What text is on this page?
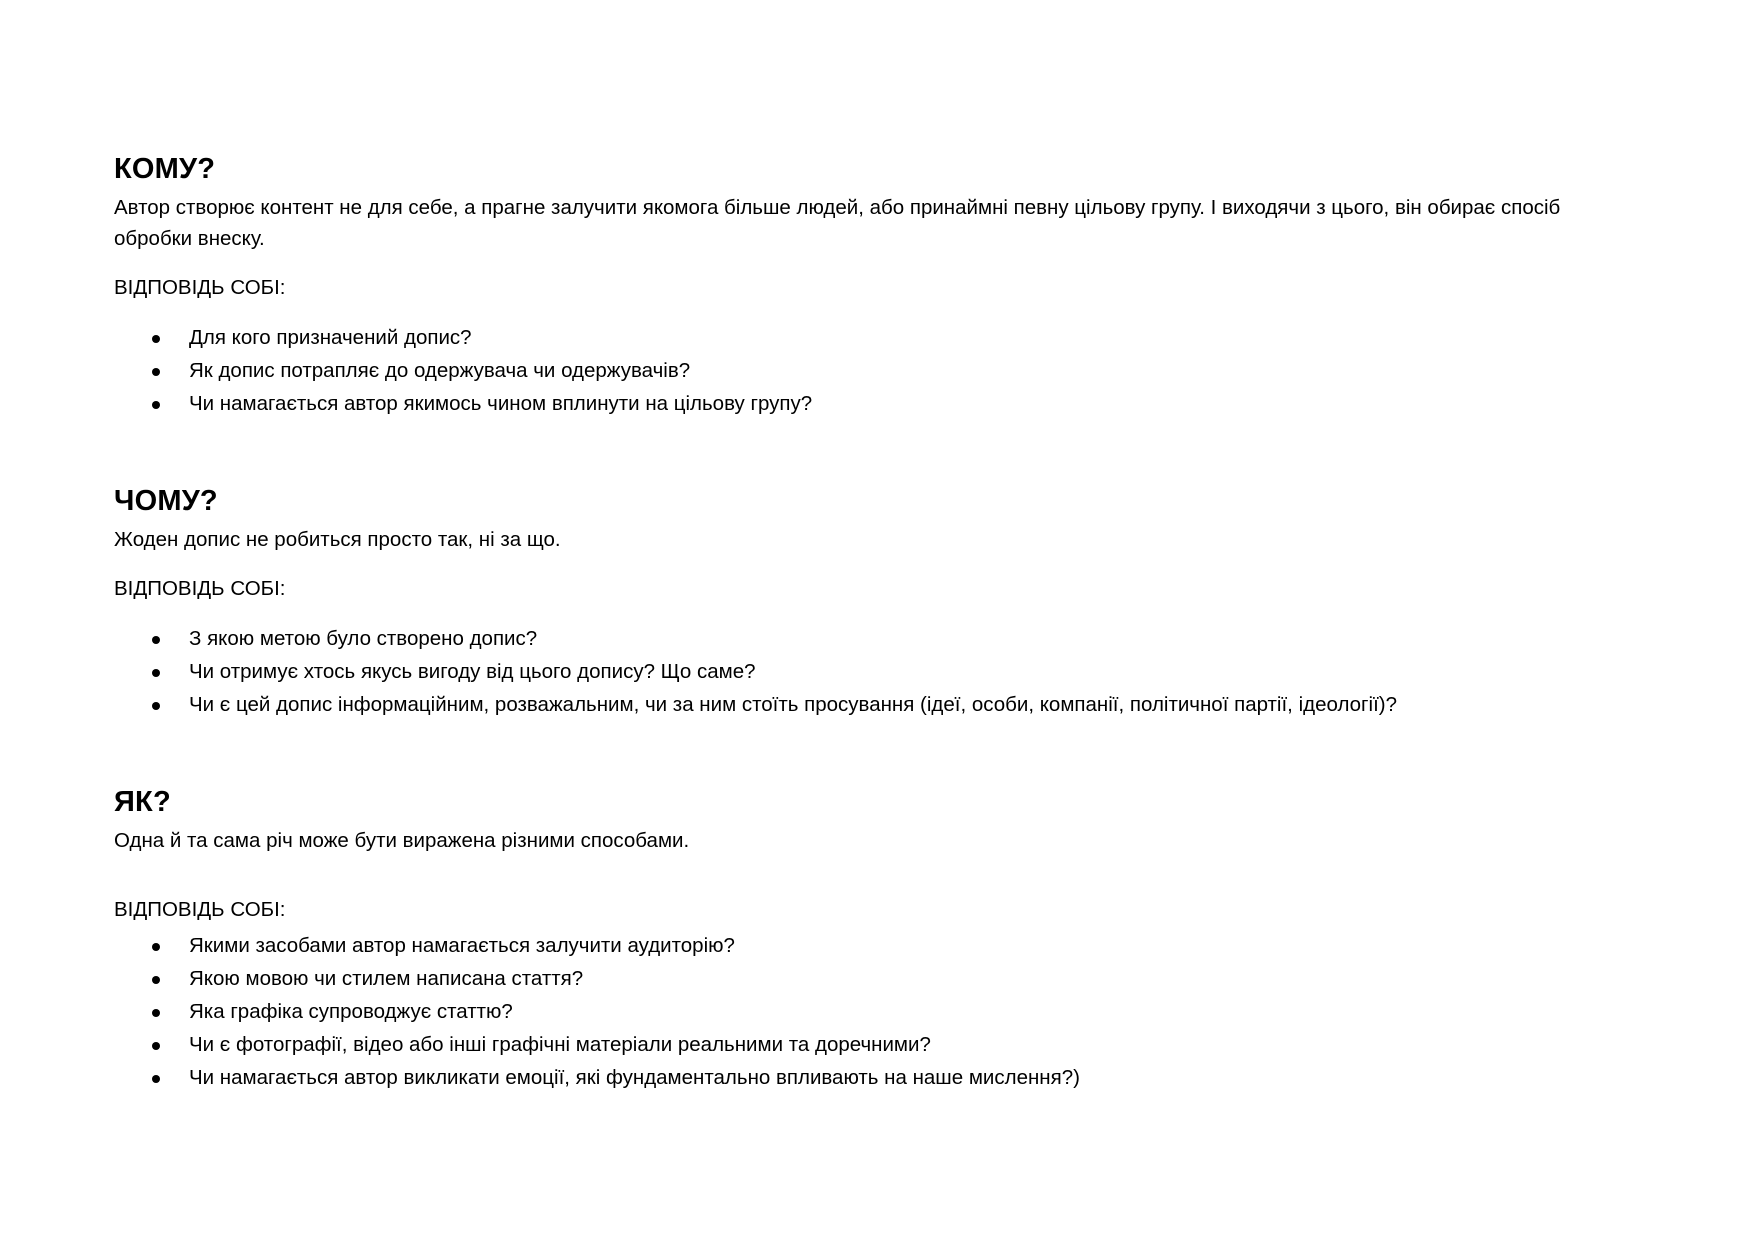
КОМУ?

Автор створює контент не для себе, а прагне залучити якомога більше людей, або принаймні певну цільову групу. І виходячи з цього, він обирає спосіб обробки внеску.

ВІДПОВІДЬ СОБІ:

Для кого призначений допис?
Як допис потрапляє до одержувача чи одержувачів?
Чи намагається автор якимось чином вплинути на цільову групу?
ЧОМУ?

Жоден допис не робиться просто так, ні за що.

ВІДПОВІДЬ СОБІ:

З якою метою було створено допис?
Чи отримує хтось якусь вигоду від цього допису? Що саме?
Чи є цей допис інформаційним, розважальним, чи за ним стоїть просування (ідеї, особи, компанії, політичної партії, ідеології)?
ЯК?

Одна й та сама річ може бути виражена різними способами.

ВІДПОВІДЬ СОБІ:

Якими засобами автор намагається залучити аудиторію?
Якою мовою чи стилем написана стаття?
Яка графіка супроводжує статтю?
Чи є фотографії, відео або інші графічні матеріали реальними та доречними?
Чи намагається автор викликати емоції, які фундаментально впливають на наше мислення?)
